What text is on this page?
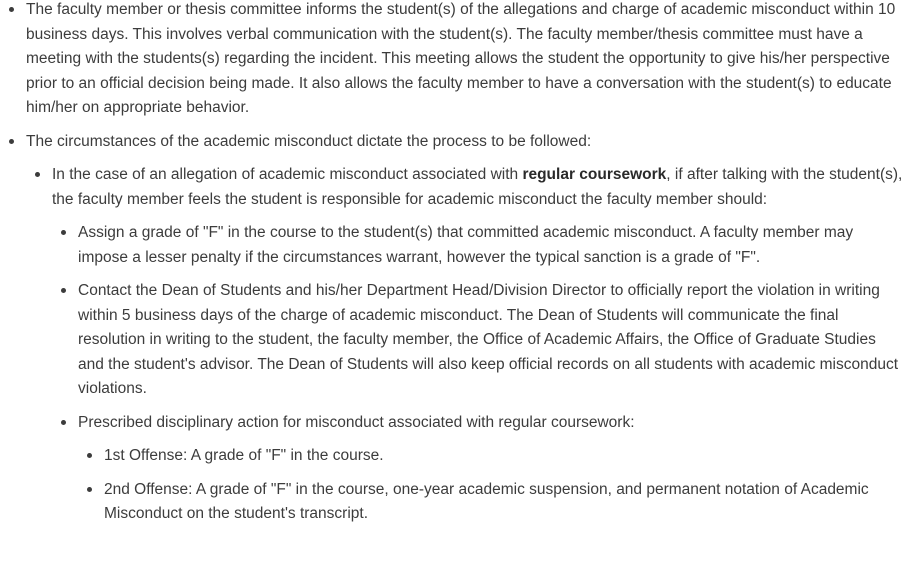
The faculty member or thesis committee informs the student(s) of the allegations and charge of academic misconduct within 10 business days. This involves verbal communication with the student(s). The faculty member/thesis committee must have a meeting with the students(s) regarding the incident. This meeting allows the student the opportunity to give his/her perspective prior to an official decision being made. It also allows the faculty member to have a conversation with the student(s) to educate him/her on appropriate behavior.
The circumstances of the academic misconduct dictate the process to be followed:
In the case of an allegation of academic misconduct associated with regular coursework, if after talking with the student(s), the faculty member feels the student is responsible for academic misconduct the faculty member should:
Assign a grade of "F" in the course to the student(s) that committed academic misconduct. A faculty member may impose a lesser penalty if the circumstances warrant, however the typical sanction is a grade of "F".
Contact the Dean of Students and his/her Department Head/Division Director to officially report the violation in writing within 5 business days of the charge of academic misconduct. The Dean of Students will communicate the final resolution in writing to the student, the faculty member, the Office of Academic Affairs, the Office of Graduate Studies and the student's advisor. The Dean of Students will also keep official records on all students with academic misconduct violations.
Prescribed disciplinary action for misconduct associated with regular coursework:
1st Offense: A grade of "F" in the course.
2nd Offense: A grade of "F" in the course, one-year academic suspension, and permanent notation of Academic Misconduct on the student's transcript.
